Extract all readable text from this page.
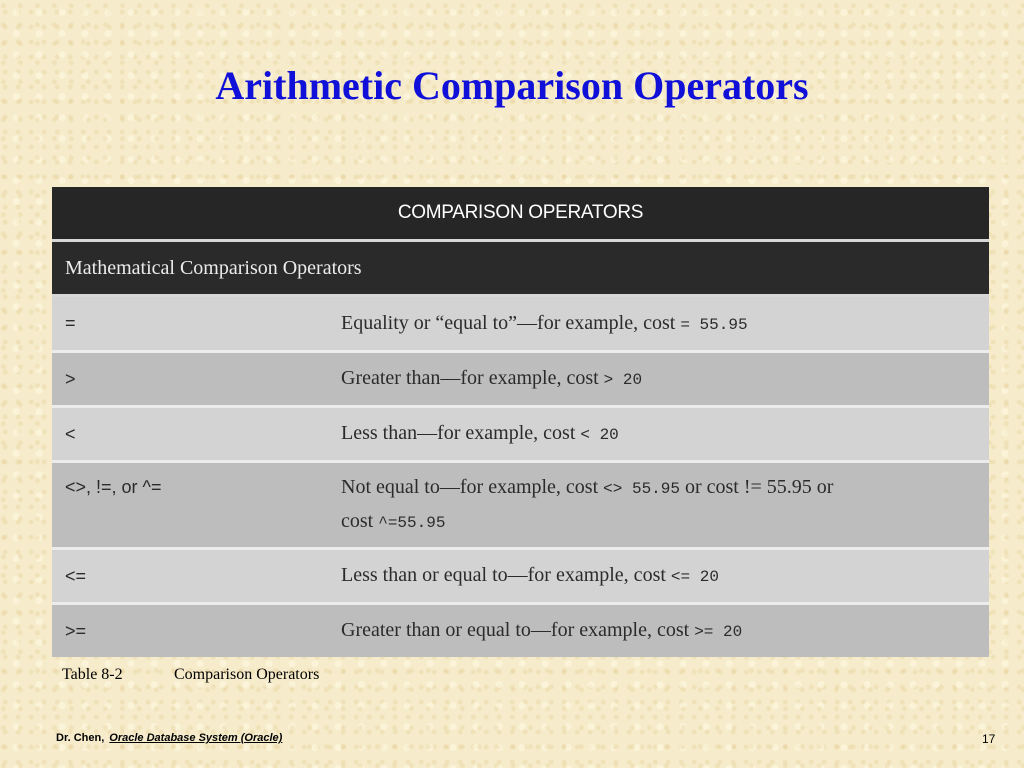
Arithmetic Comparison Operators
COMPARISON OPERATORS
Mathematical Comparison Operators
=	Equality or “equal to”—for example, cost = 55.95
>	Greater than—for example, cost > 20
<	Less than—for example, cost < 20
<>, !=, or ^=	Not equal to—for example, cost <> 55.95 or cost != 55.95 or
cost ^=55.95
<=	Less than or equal to—for example, cost <= 20
>=	Greater than or equal to—for example, cost >= 20
Table 8-2	Comparison Operators
Dr. Chen, Oracle Database System (Oracle)	17
